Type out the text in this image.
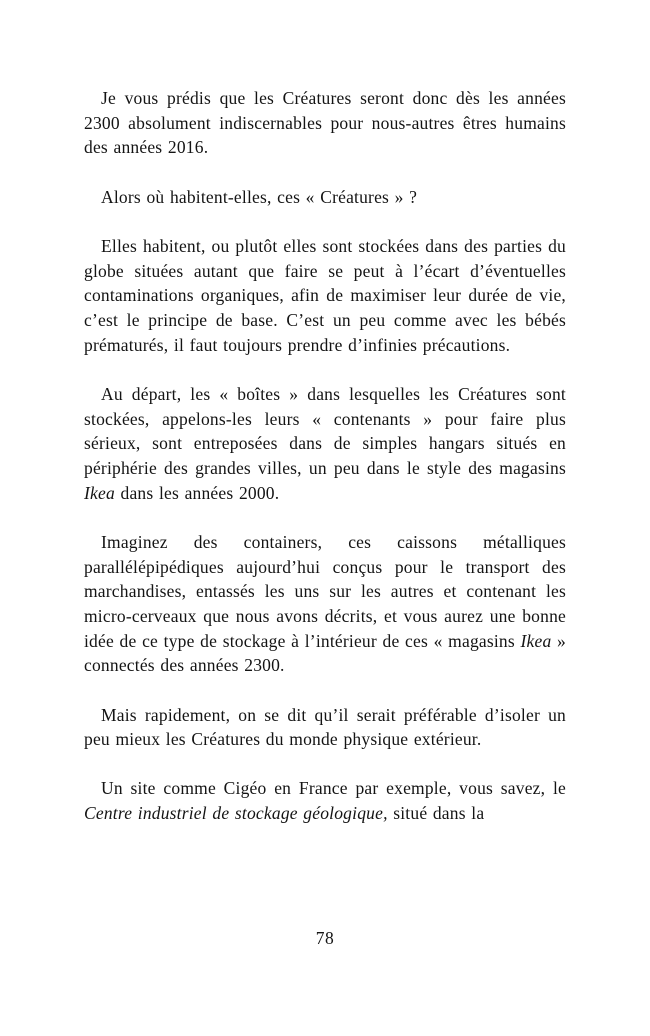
Je vous prédis que les Créatures seront donc dès les années 2300 absolument indiscernables pour nous-autres êtres humains des années 2016.

Alors où habitent-elles, ces « Créatures » ?

Elles habitent, ou plutôt elles sont stockées dans des parties du globe situées autant que faire se peut à l’écart d’éventuelles contaminations organiques, afin de maximiser leur durée de vie, c’est le principe de base. C’est un peu comme avec les bébés prématurés, il faut toujours prendre d’infinies précautions.

Au départ, les « boîtes » dans lesquelles les Créatures sont stockées, appelons-les leurs « contenants » pour faire plus sérieux, sont entreposées dans de simples hangars situés en périphérie des grandes villes, un peu dans le style des magasins Ikea dans les années 2000.

Imaginez des containers, ces caissons métalliques parallélépipédiques aujourd’hui conçus pour le transport des marchandises, entassés les uns sur les autres et contenant les micro-cerveaux que nous avons décrits, et vous aurez une bonne idée de ce type de stockage à l’intérieur de ces « magasins Ikea » connectés des années 2300.

Mais rapidement, on se dit qu’il serait préférable d’isoler un peu mieux les Créatures du monde physique extérieur.

Un site comme Cigéo en France par exemple, vous savez, le Centre industriel de stockage géologique, situé dans la

78
